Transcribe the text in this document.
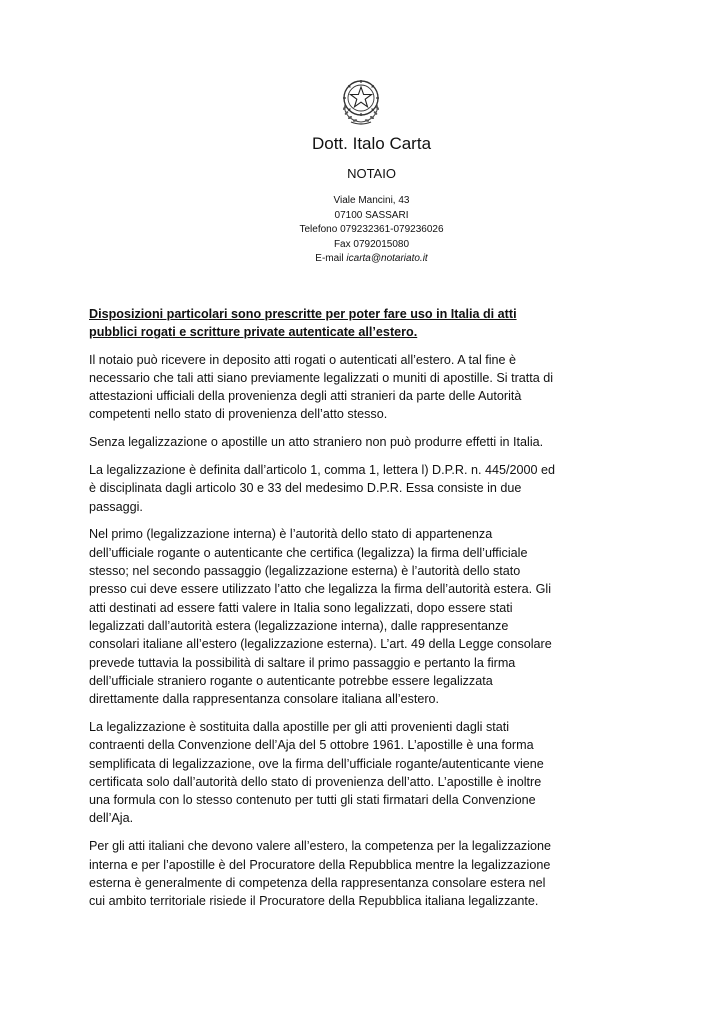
Dott. Italo Carta
NOTAIO
Viale Mancini, 43
07100 SASSARI
Telefono 079232361-079236026
Fax 0792015080
E-mail icarta@notariato.it
Disposizioni particolari sono prescritte per poter fare uso in Italia di atti pubblici rogati e scritture private autenticate all’estero.

Il notaio può ricevere in deposito atti rogati o autenticati all’estero. A tal fine è necessario che tali atti siano previamente legalizzati o muniti di apostille. Si tratta di attestazioni ufficiali della provenienza degli atti stranieri da parte delle Autorità competenti nello stato di provenienza dell’atto stesso.

Senza legalizzazione o apostille un atto straniero non può produrre effetti in Italia.

La legalizzazione è definita dall’articolo 1, comma 1, lettera l) D.P.R. n. 445/2000 ed è disciplinata dagli articolo 30 e 33 del medesimo D.P.R. Essa consiste in due passaggi.

Nel primo (legalizzazione interna) è l’autorità dello stato di appartenenza dell’ufficiale rogante o autenticante che certifica (legalizza) la firma dell’ufficiale stesso; nel secondo passaggio (legalizzazione esterna) è l’autorità dello stato presso cui deve essere utilizzato l’atto che legalizza la firma dell’autorità estera. Gli atti destinati ad essere fatti valere in Italia sono legalizzati, dopo essere stati legalizzati dall’autorità estera (legalizzazione interna), dalle rappresentanze consolari italiane all’estero (legalizzazione esterna). L’art. 49 della Legge consolare prevede tuttavia la possibilità di saltare il primo passaggio e pertanto la firma dell’ufficiale straniero rogante o autenticante potrebbe essere legalizzata direttamente dalla rappresentanza consolare italiana all’estero.

La legalizzazione è sostituita dalla apostille per gli atti provenienti dagli stati contraenti della Convenzione dell’Aja del 5 ottobre 1961. L’apostille è una forma semplificata di legalizzazione, ove la firma dell’ufficiale rogante/autenticante viene certificata solo dall’autorità dello stato di provenienza dell’atto. L’apostille è inoltre una formula con lo stesso contenuto per tutti gli stati firmatari della Convenzione dell’Aja.

Per gli atti italiani che devono valere all’estero, la competenza per la legalizzazione interna e per l’apostille è del Procuratore della Repubblica mentre la legalizzazione esterna è generalmente di competenza della rappresentanza consolare estera nel cui ambito territoriale risiede il Procuratore della Repubblica italiana legalizzante.
